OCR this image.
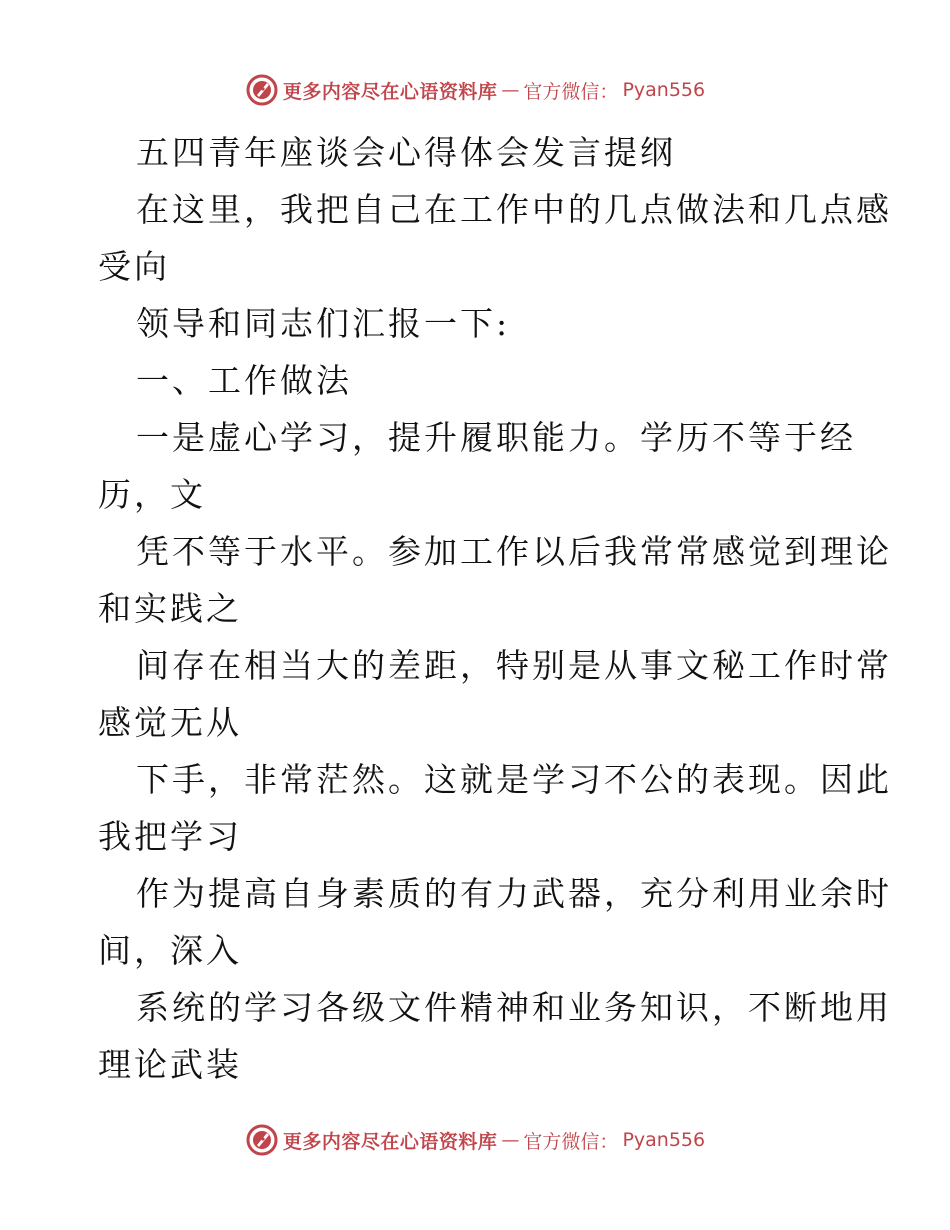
更多内容尽在心语资料库 — 官方微信： Pyan556
五四青年座谈会心得体会发言提纲
在这里，我把自己在工作中的几点做法和几点感
受向
领导和同志们汇报一下:
一、工作做法
一是虚心学习，提升履职能力。学历不等于经
历，文
凭不等于水平。参加工作以后我常常感觉到理论
和实践之
间存在相当大的差距，特别是从事文秘工作时常
感觉无从
下手，非常茫然。这就是学习不公的表现。因此
我把学习
作为提高自身素质的有力武器，充分利用业余时
间，深入
系统的学习各级文件精神和业务知识，不断地用
理论武装
更多内容尽在心语资料库 — 官方微信： Pyan556
